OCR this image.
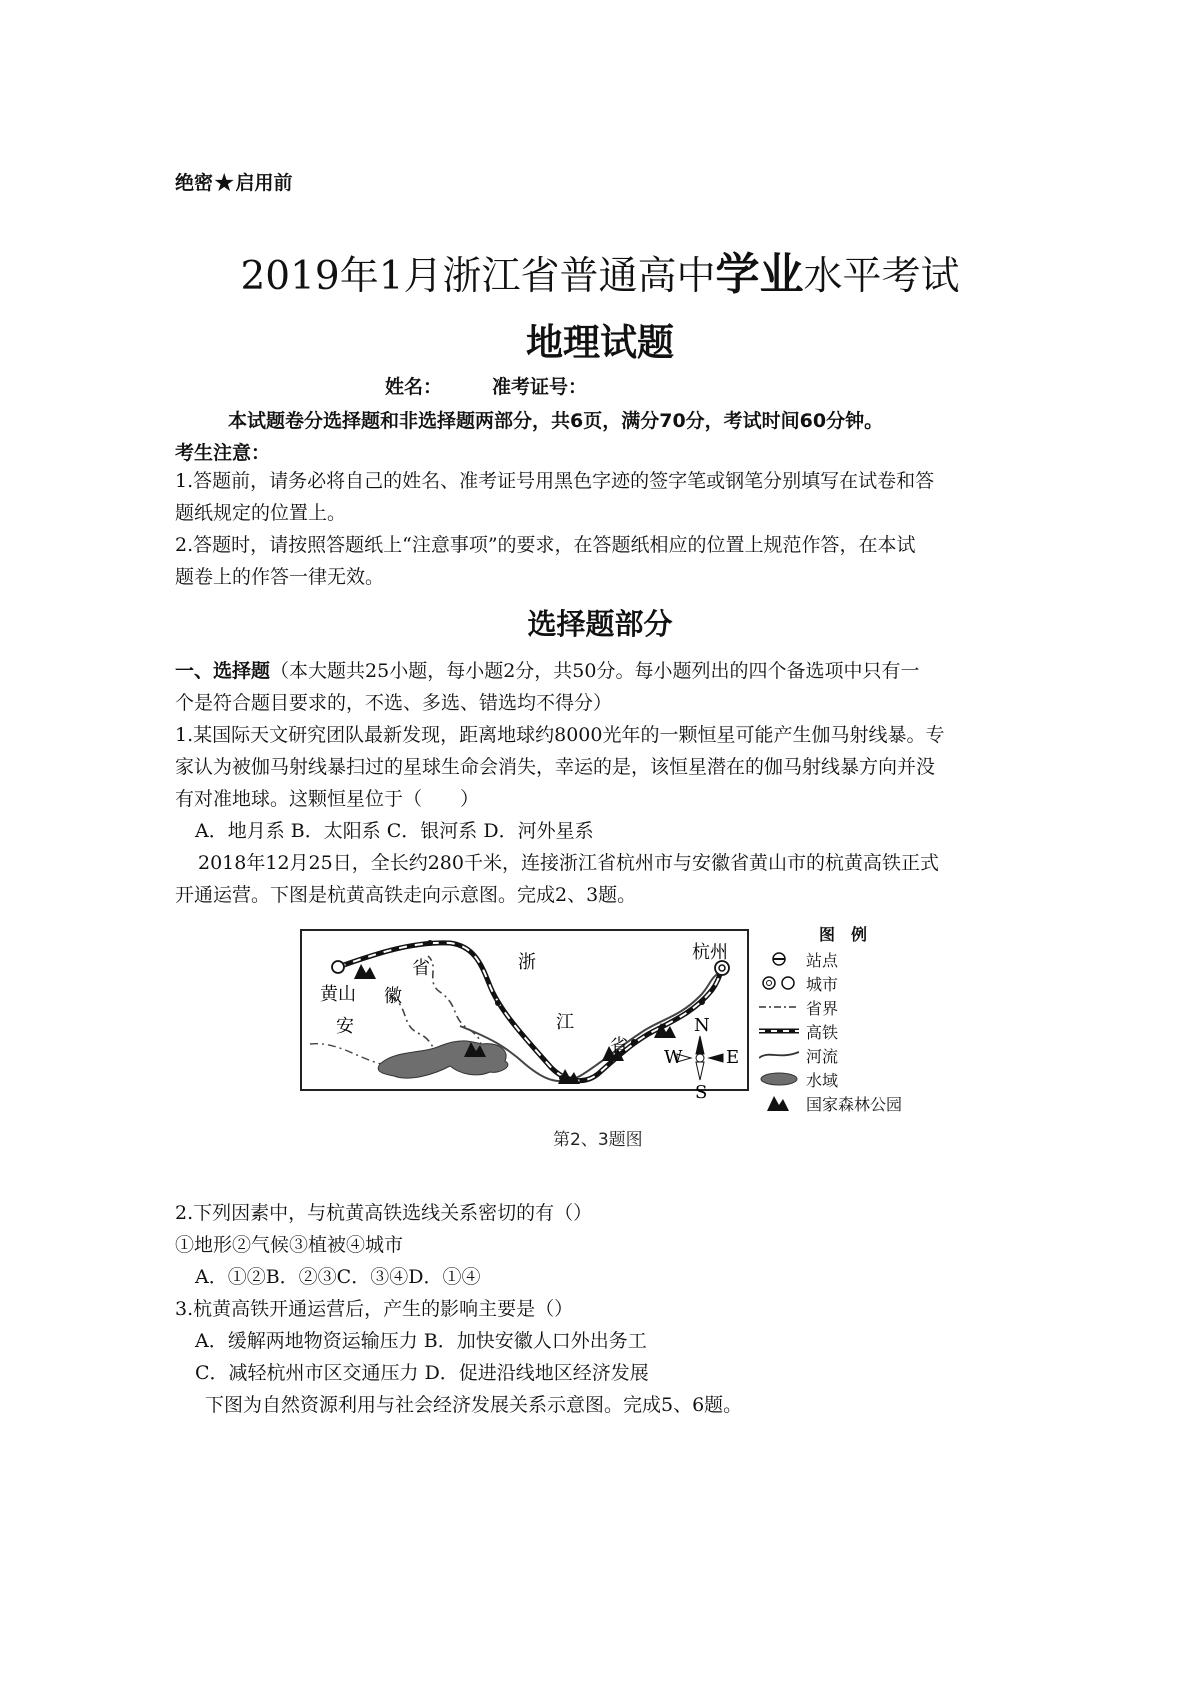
绝密★启用前
2019年1月浙江省普通高中学业水平考试
地理试题
姓名：	准考证号：
本试题卷分选择题和非选择题两部分，共6页，满分70分，考试时间60分钟。
考生注意：
1.答题前，请务必将自己的姓名、准考证号用黑色字迹的签字笔或钢笔分别填写在试卷和答
题纸规定的位置上。
2.答题时，请按照答题纸上“注意事项”的要求，在答题纸相应的位置上规范作答，在本试
题卷上的作答一律无效。
选择题部分
一、选择题（本大题共25小题，每小题2分，共50分。每小题列出的四个备选项中只有一
个是符合题目要求的，不选、多选、错选均不得分）
1.某国际天文研究团队最新发现，距离地球约8000光年的一颗恒星可能产生伽马射线暴。专
家认为被伽马射线暴扫过的星球生命会消失，幸运的是，该恒星潜在的伽马射线暴方向并没
有对准地球。这颗恒星位于（　　）
A．地月系 B．太阳系 C．银河系 D．河外星系
2018年12月25日，全长约280千米，连接浙江省杭州市与安徽省黄山市的杭黄高铁正式
开通运营。下图是杭黄高铁走向示意图。完成2、3题。
黄山
杭州
安
徽
省	浙
江
省
N
S
W E
图　例
站点
城市
省界
高铁
河流
水域
国家森林公园
第2、3题图
2.下列因素中，与杭黄高铁选线关系密切的有（）
①地形②气候③植被④城市
A．①②B．②③C．③④D．①④
3.杭黄高铁开通运营后，产生的影响主要是（）
A．缓解两地物资运输压力 B．加快安徽人口外出务工
C．减轻杭州市区交通压力 D．促进沿线地区经济发展
下图为自然资源利用与社会经济发展关系示意图。完成5、6题。
